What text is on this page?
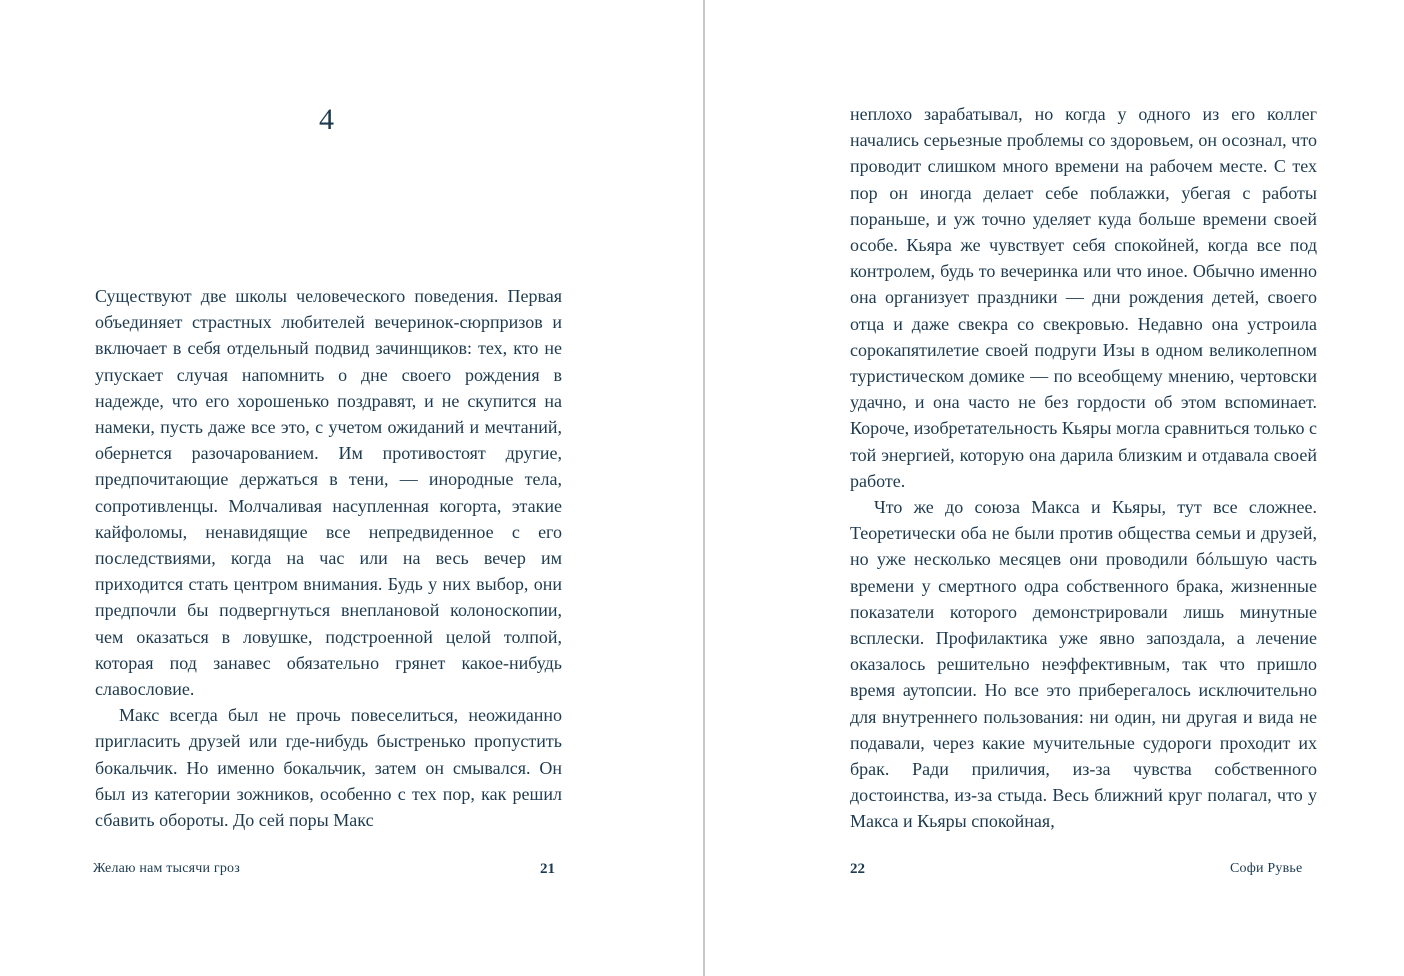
4

Существуют две школы человеческого поведения. Первая объединяет страстных любителей вечеринок-сюрпризов и включает в себя отдельный подвид зачинщиков: тех, кто не упускает случая напомнить о дне своего рождения в надежде, что его хорошенько поздравят, и не скупится на намеки, пусть даже все это, с учетом ожиданий и мечтаний, обернется разочарованием. Им противостоят другие, предпочитающие держаться в тени, — инородные тела, сопротивленцы. Молчаливая насупленная когорта, этакие кайфоломы, ненавидящие все непредвиденное с его последствиями, когда на час или на весь вечер им приходится стать центром внимания. Будь у них выбор, они предпочли бы подвергнуться внеплановой колоноскопии, чем оказаться в ловушке, подстроенной целой толпой, которая под занавес обязательно грянет какое-нибудь славословие.

Макс всегда был не прочь повеселиться, неожиданно пригласить друзей или где-нибудь быстренько пропустить бокальчик. Но именно бокальчик, затем он смывался. Он был из категории зожников, особенно с тех пор, как решил сбавить обороты. До сей поры Макс

Желаю нам тысячи гроз	21

неплохо зарабатывал, но когда у одного из его коллег начались серьезные проблемы со здоровьем, он осознал, что проводит слишком много времени на рабочем месте. С тех пор он иногда делает себе поблажки, убегая с работы пораньше, и уж точно уделяет куда больше времени своей особе. Кьяра же чувствует себя спокойней, когда все под контролем, будь то вечеринка или что иное. Обычно именно она организует праздники — дни рождения детей, своего отца и даже свекра со свекровью. Недавно она устроила сорокапятилетие своей подруги Изы в одном великолепном туристическом домике — по всеобщему мнению, чертовски удачно, и она часто не без гордости об этом вспоминает. Короче, изобретательность Кьяры могла сравниться только с той энергией, которую она дарила близким и отдавала своей работе.

Что же до союза Макса и Кьяры, тут все сложнее. Теоретически оба не были против общества семьи и друзей, но уже несколько месяцев они проводили бóльшую часть времени у смертного одра собственного брака, жизненные показатели которого демонстрировали лишь минутные всплески. Профилактика уже явно запоздала, а лечение оказалось решительно неэффективным, так что пришло время аутопсии. Но все это приберегалось исключительно для внутреннего пользования: ни один, ни другая и вида не подавали, через какие мучительные судороги проходит их брак. Ради приличия, из-за чувства собственного достоинства, из-за стыда. Весь ближний круг полагал, что у Макса и Кьяры спокойная,

22	Софи Рувье
